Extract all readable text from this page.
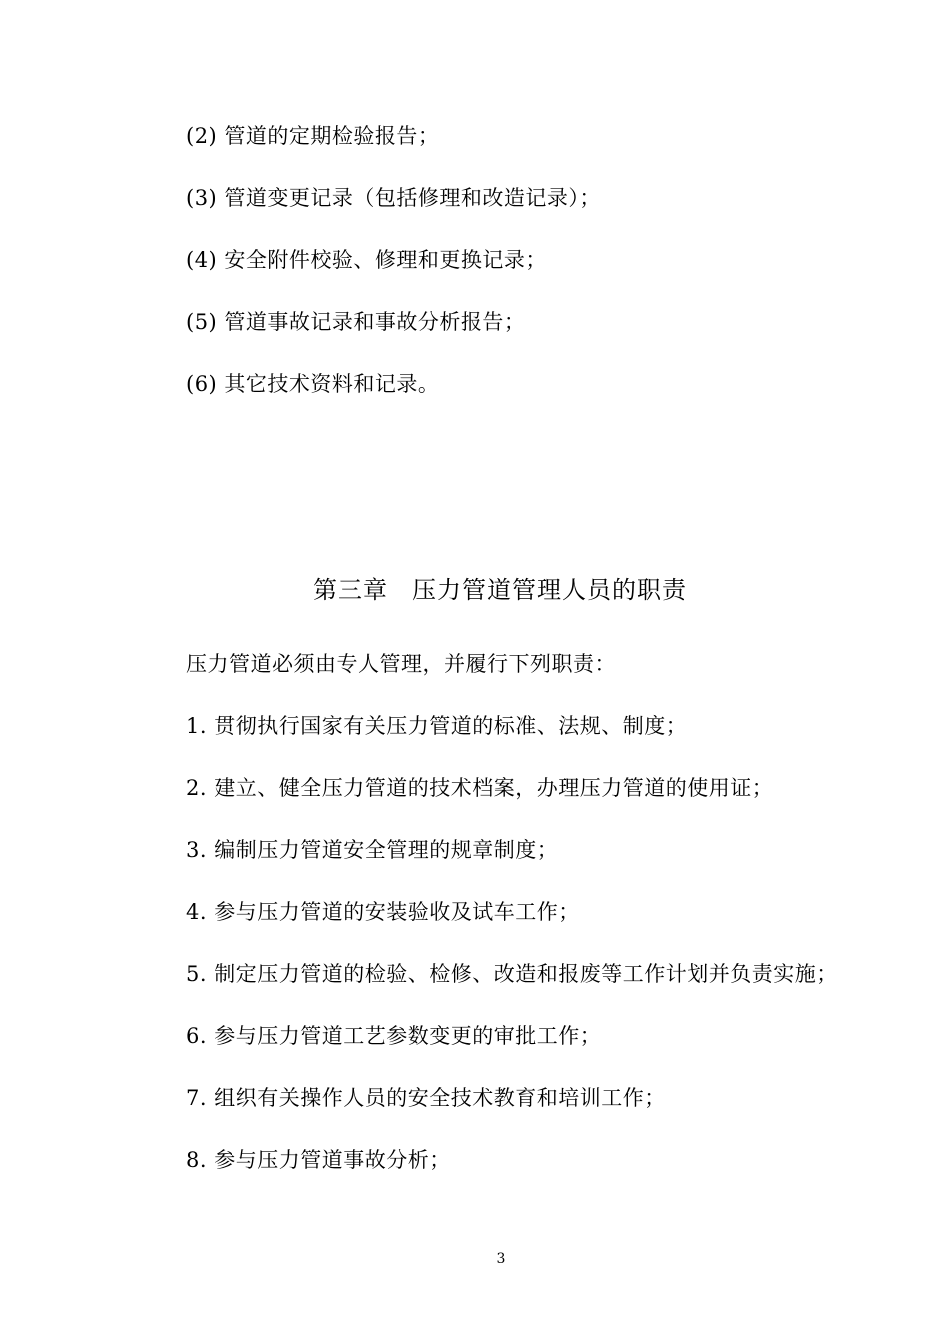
(2) 管道的定期检验报告；

(3) 管道变更记录（包括修理和改造记录）；

(4) 安全附件校验、修理和更换记录；

(5) 管道事故记录和事故分析报告；

(6) 其它技术资料和记录。

第三章 压力管道管理人员的职责

压力管道必须由专人管理，并履行下列职责：

1. 贯彻执行国家有关压力管道的标准、法规、制度；

2. 建立、健全压力管道的技术档案，办理压力管道的使用证；

3. 编制压力管道安全管理的规章制度；

4. 参与压力管道的安装验收及试车工作；

5. 制定压力管道的检验、检修、改造和报废等工作计划并负责实施；

6. 参与压力管道工艺参数变更的审批工作；

7. 组织有关操作人员的安全技术教育和培训工作；

8. 参与压力管道事故分析；

3
